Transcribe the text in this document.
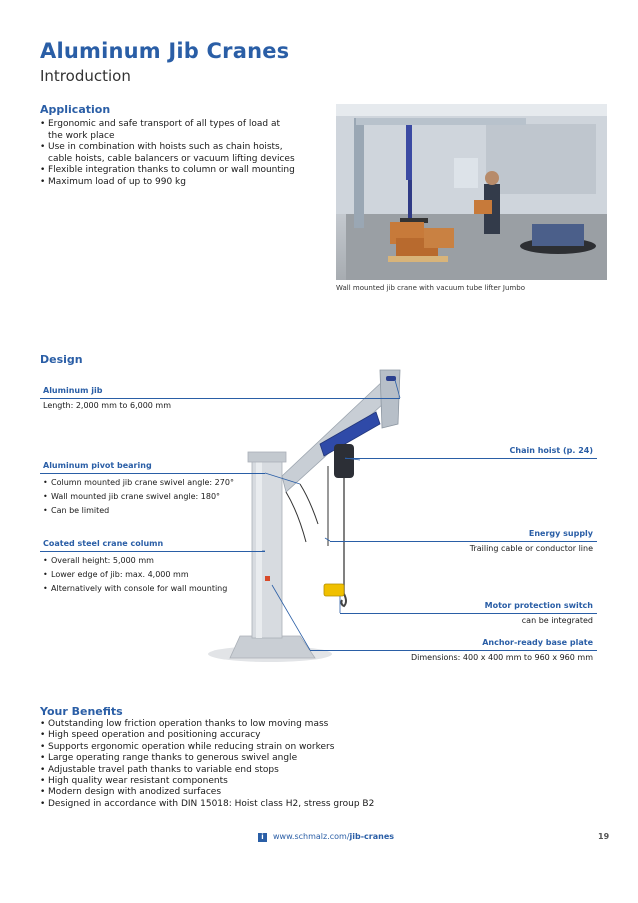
Aluminum Jib Cranes
Introduction
Application
• Ergonomic and safe transport of all types of load at
the work place
• Use in combination with hoists such as chain hoists,
cable hoists, cable balancers or vacuum lifting devices
• Flexible integration thanks to column or wall mounting
• Maximum load of up to 990 kg
Wall mounted jib crane with vacuum tube lifter Jumbo
Design
Aluminum jib
Length: 2,000 mm to 6,000 mm
Aluminum pivot bearing
• Column mounted jib crane swivel angle: 270°
• Wall mounted jib crane swivel angle: 180°
• Can be limited
Coated steel crane column
• Overall height: 5,000 mm
• Lower edge of jib: max. 4,000 mm
• Alternatively with console for wall mounting
Chain hoist (p. 24)
Energy supply
Trailing cable or conductor line
Motor protection switch
can be integrated
Anchor-ready base plate
Dimensions: 400 x 400 mm to 960 x 960 mm
Your Benefits
• Outstanding low friction operation thanks to low moving mass
• High speed operation and positioning accuracy
• Supports ergonomic operation while reducing strain on workers
• Large operating range thanks to generous swivel angle
• Adjustable travel path thanks to variable end stops
• High quality wear resistant components
• Modern design with anodized surfaces
• Designed in accordance with DIN 15018: Hoist class H2, stress group B2
i www.schmalz.com/jib-cranes	19
